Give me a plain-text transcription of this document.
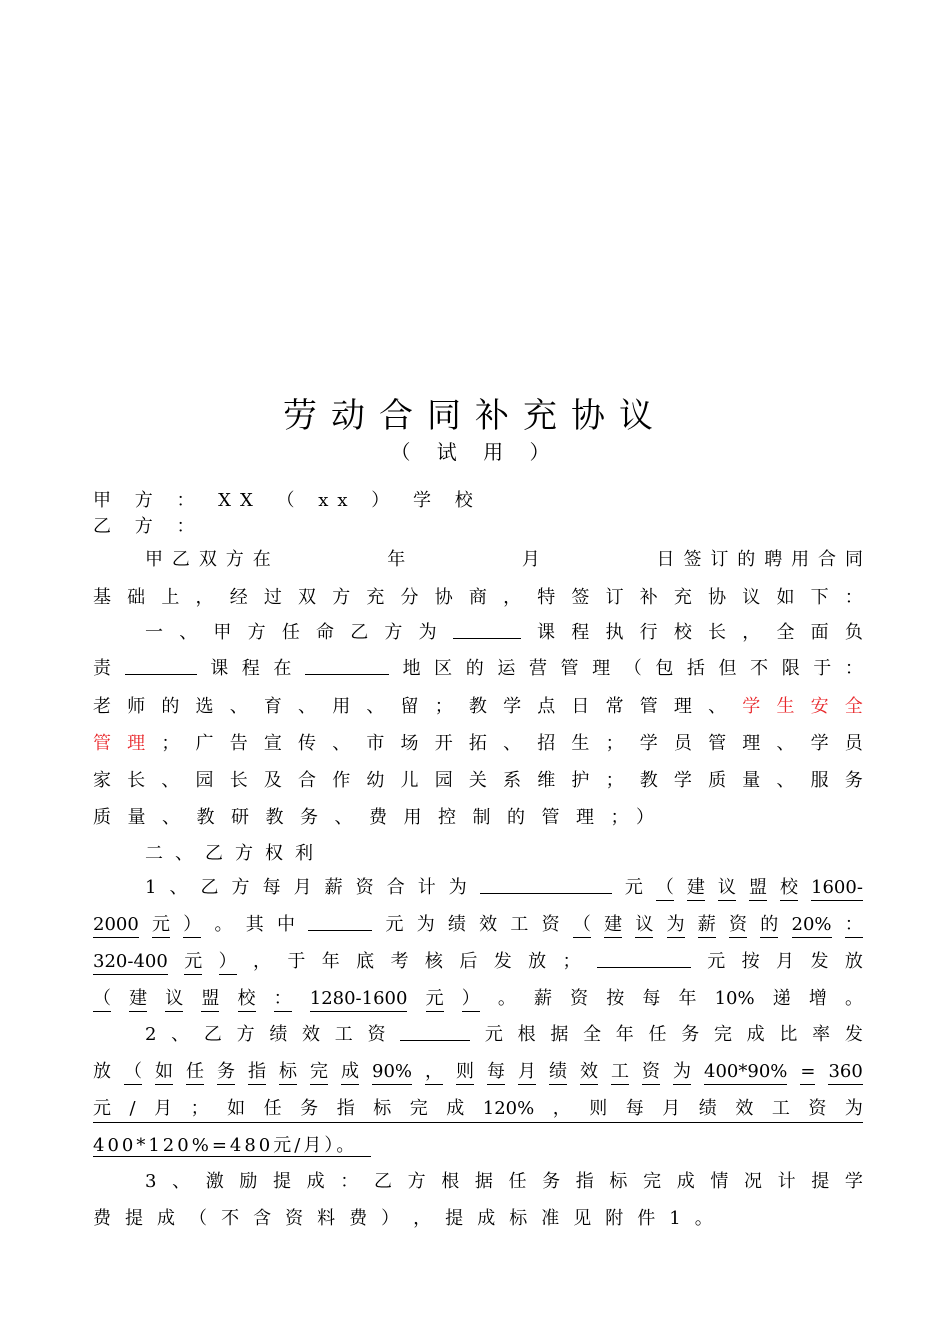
劳动合同补充协议
（ 试 用 ）
甲 方 ： XX （ xx ） 学 校
乙 方 ：
甲 乙 双 方 在

　	年

　	月

　	日 签 订 的 聘 用 合 同
基 础 上 ， 经 过 双 方 充 分 协 商 ， 特 签 订 补 充 协 议 如 下 ：
一 、 甲 方 任 命 乙 方 为	课 程 执 行 校 长 ， 全 面 负
责	课 程 在	地 区 的 运 营 管 理 （ 包 括 但 不 限 于 ：
老 师 的 选 、 育 、 用 、 留 ； 教 学 点 日 常 管 理 、 学 生 安 全
管 理 ； 广 告 宣 传 、 市 场 开 拓 、 招 生 ； 学 员 管 理 、 学 员
家 长 、 园 长 及 合 作 幼 儿 园 关 系 维 护 ； 教 学 质 量 、 服 务
质量、教研教务、费用控制的管理；）
二、乙方权利
1 、 乙 方 每 月 薪 资 合 计 为	元 （ 建 议 盟 校 1600-
2000 元 ） 。 其 中	元 为 绩 效 工 资 （ 建 议 为 薪 资 的 20% ：
320-400 元 ） ， 于 年 底 考 核 后 发 放 ；	元 按 月 发 放
（ 建 议 盟 校 ： 1280-1600 元 ） 。 薪 资 按 每 年 10% 递 增 。
2 、 乙 方 绩 效 工 资	元 根 据 全 年 任 务 完 成 比 率 发
放 （ 如 任 务 指 标 完 成 90% ， 则 每 月 绩 效 工 资 为 400*90% = 360
元 / 月 ； 如 任 务 指 标 完 成 120% ， 则 每 月 绩 效 工 资 为
400*120%=480元/月）。
3 、 激 励 提 成 ： 乙 方 根 据 任 务 指 标 完 成 情 况 计 提 学
费 提 成 （ 不 含 资 料 费 ） ， 提 成 标 准 见 附 件 1 。
